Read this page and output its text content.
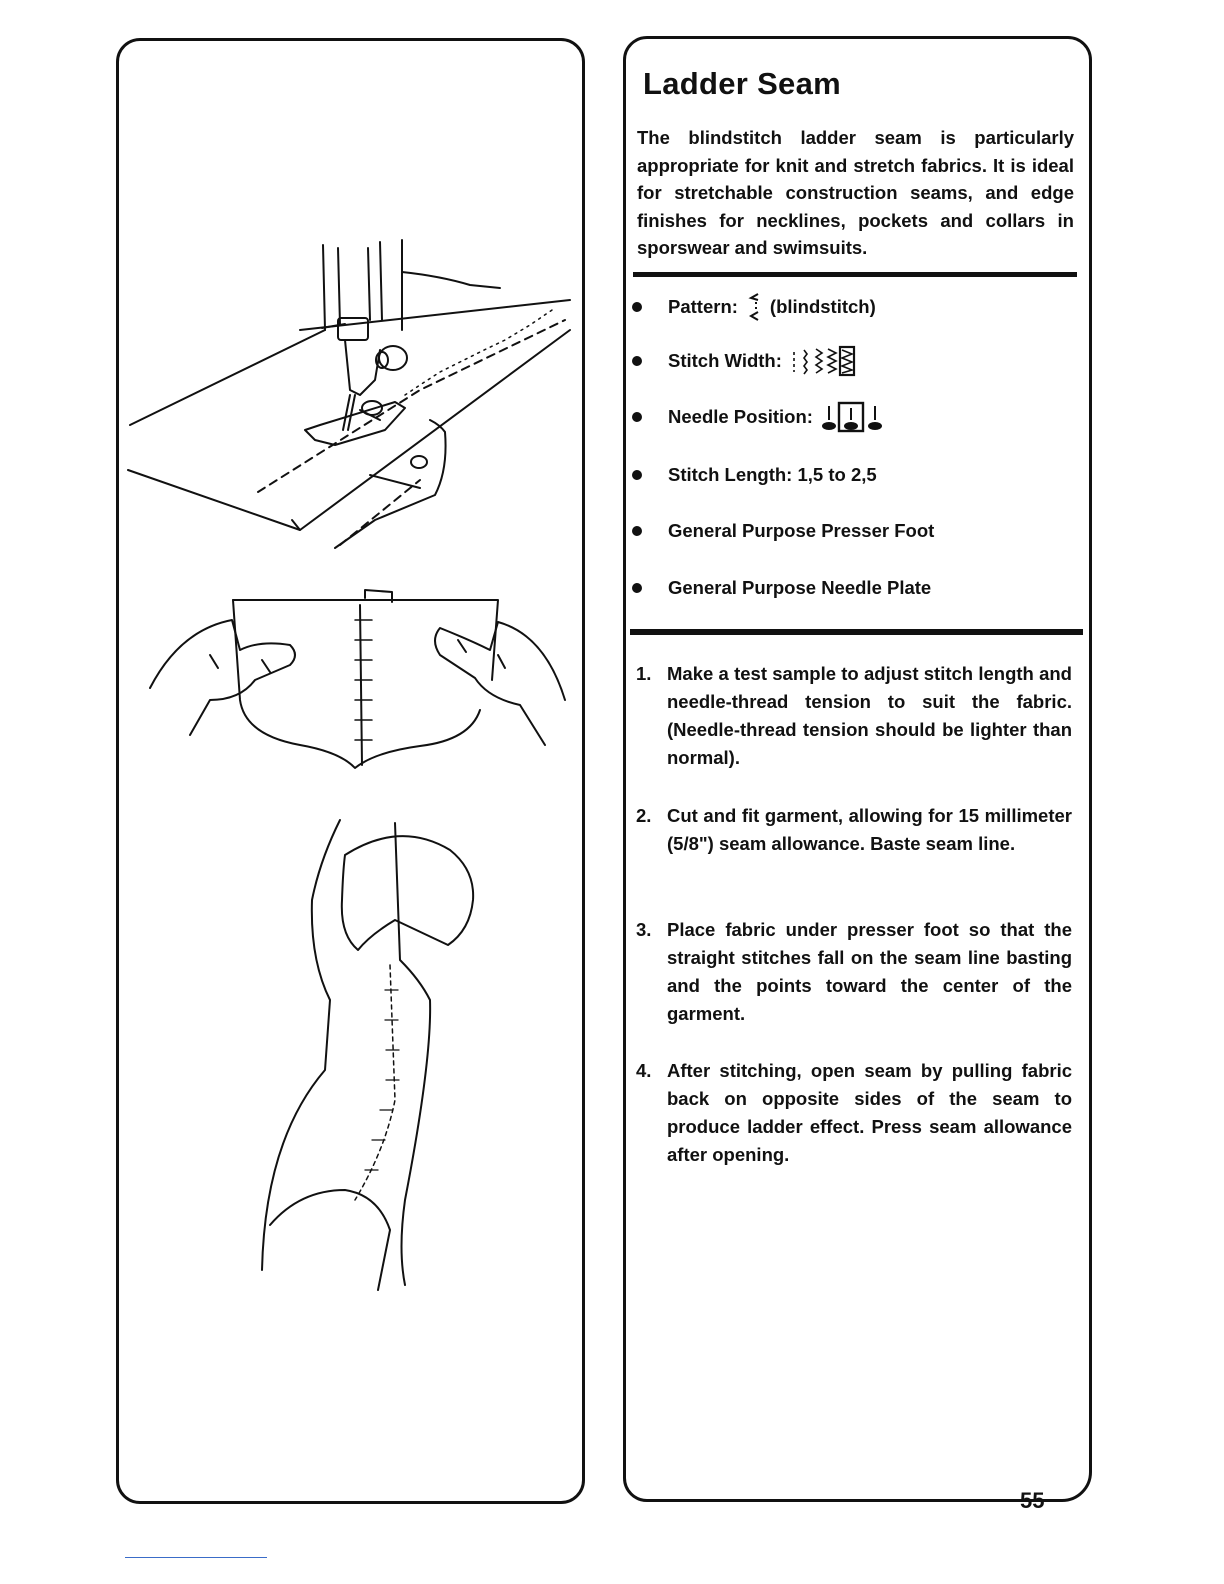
Ladder Seam

The blindstitch ladder seam is particularly appropriate for knit and stretch fabrics. It is ideal for stretchable construction seams, and edge finishes for necklines, pockets and collars in sporswear and swimsuits.

Pattern: (blindstitch)
Stitch Width:
Needle Position:
Stitch Length: 1,5 to 2,5
General Purpose Presser Foot
General Purpose Needle Plate
1. Make a test sample to adjust stitch length and needle-thread tension to suit the fabric. (Needle-thread tension should be lighter than normal).

2. Cut and fit garment, allowing for 15 millimeter (5/8") seam allowance. Baste seam line.

3. Place fabric under presser foot so that the straight stitches fall on the seam line basting and the points toward the center of the garment.

4. After stitching, open seam by pulling fabric back on opposite sides of the seam to produce ladder effect. Press seam allowance after opening.

55
